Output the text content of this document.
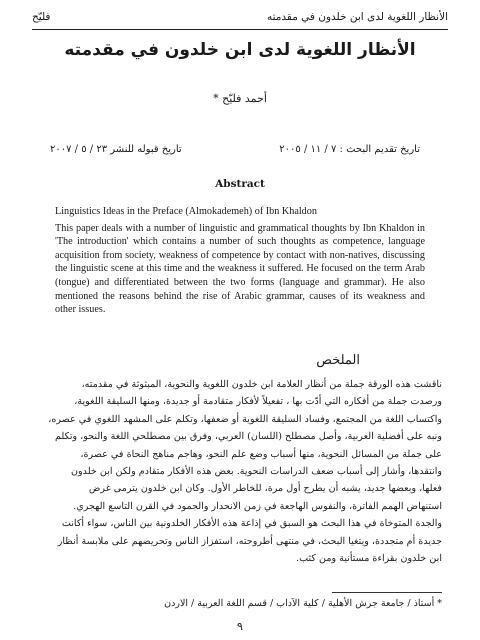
فليّح	الأنظار اللغوية لدى ابن خلدون في مقدمته
الأنظار اللغوية لدى ابن خلدون في مقدمته
أحمد فليّح *
تاريخ قبوله للنشر ٢٣ / ٥ / ٢٠٠٧	تاريخ تقديم البحث : ٧ / ١١ / ٢٠٠٥
Abstract

Linguistics Ideas in the Preface (Almokademeh) of Ibn Khaldon

This paper deals with a number of linguistic and grammatical thoughts by Ibn Khaldon in 'The introduction' which contains a number of such thoughts as competence, language acquisition from society, weakness of competence by contact with non-natives, discussing the linguistic scene at this time and the weakness it suffered. He focused on the term Arab (tongue) and differentiated between the two forms (language and grammar). He also mentioned the reasons behind the rise of Arabic grammar, causes of its weakness and other issues.

الملخص
ناقشت هذه الورقة جملة من أنظار العلامة ابن خلدون اللغوية والنحوية، المبثوثة في مقدمته،
ورصدت جملة من أفكاره التي أدّت بها ، تفعيلاً لأفكار متقادمة أو جديدة، ومنها السليقة اللغوية،
واكتساب اللغة من المجتمع، وفساد السليقة اللغوية أو ضعفها، وتكلم على المشهد اللغوي في عصره،
ونبه على أفضلية العربية، وأصل مصطلح (اللسان) العربي، وفرق بين مصطلحي اللغة والنحو، وتكلم
على جملة من المسائل النحوية، منها أسباب وضع علم النحو، وهاجم مناهج النحاة في عصرة،
وانتقدها، وأشار إلى أسباب ضعف الدراسات النحوية. بعض هذه الأفكار متقادم ولكن ابن خلدون
فعلها، وبعضها جديد، يشبه أن يطرح أول مرة، للخاطر الأول. وكان ابن خلدون يترمى غرض
استنهاض الهمم الفاترة، والنفوس الهاجعة في زمن الانحدار والجمود في القرن التاسع الهجري.
والجدة المتوخاة في هذا البحث هو السبق في إذاعة هذه الأفكار الخلدونية بين الناس، سواء أكانت
جديدة أم متجددة، ويتغيا البحث، في منتهى أطروحته، استفزاز الناس وتحريضهم على ملابسة أنظار
ابن خلدون بقراءة مستأنية ومن كثب.
* أستاذ / جامعة جرش الأهلية / كلية الآداب / قسم اللغة العربية / الاردن
٩
